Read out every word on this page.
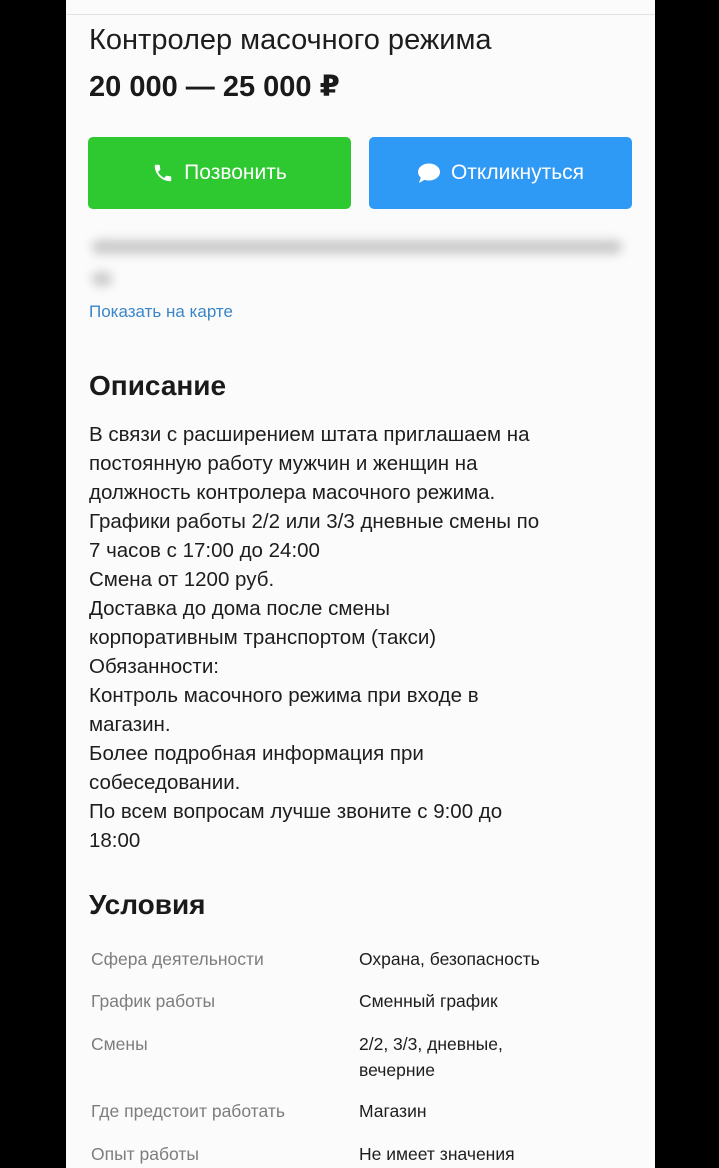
Контролер масочного режима
20 000 — 25 000 ₽
Позвонить	Откликнуться
Показать на карте
Описание
В связи с расширением штата приглашаем на
постоянную работу мужчин и женщин на
должность контролера масочного режима.
Графики работы 2/2 или 3/3 дневные смены по
7 часов с 17:00 до 24:00
Смена от 1200 руб.
Доставка до дома после смены
корпоративным транспортом (такси)
Обязанности:
Контроль масочного режима при входе в
магазин.
Более подробная информация при
собеседовании.
По всем вопросам лучше звоните с 9:00 до
18:00
Условия
Сфера деятельности	Охрана, безопасность
График работы	Сменный график
Смены	2/2, 3/3, дневные,
вечерние
Где предстоит работать	Магазин
Опыт работы	Не имеет значения
